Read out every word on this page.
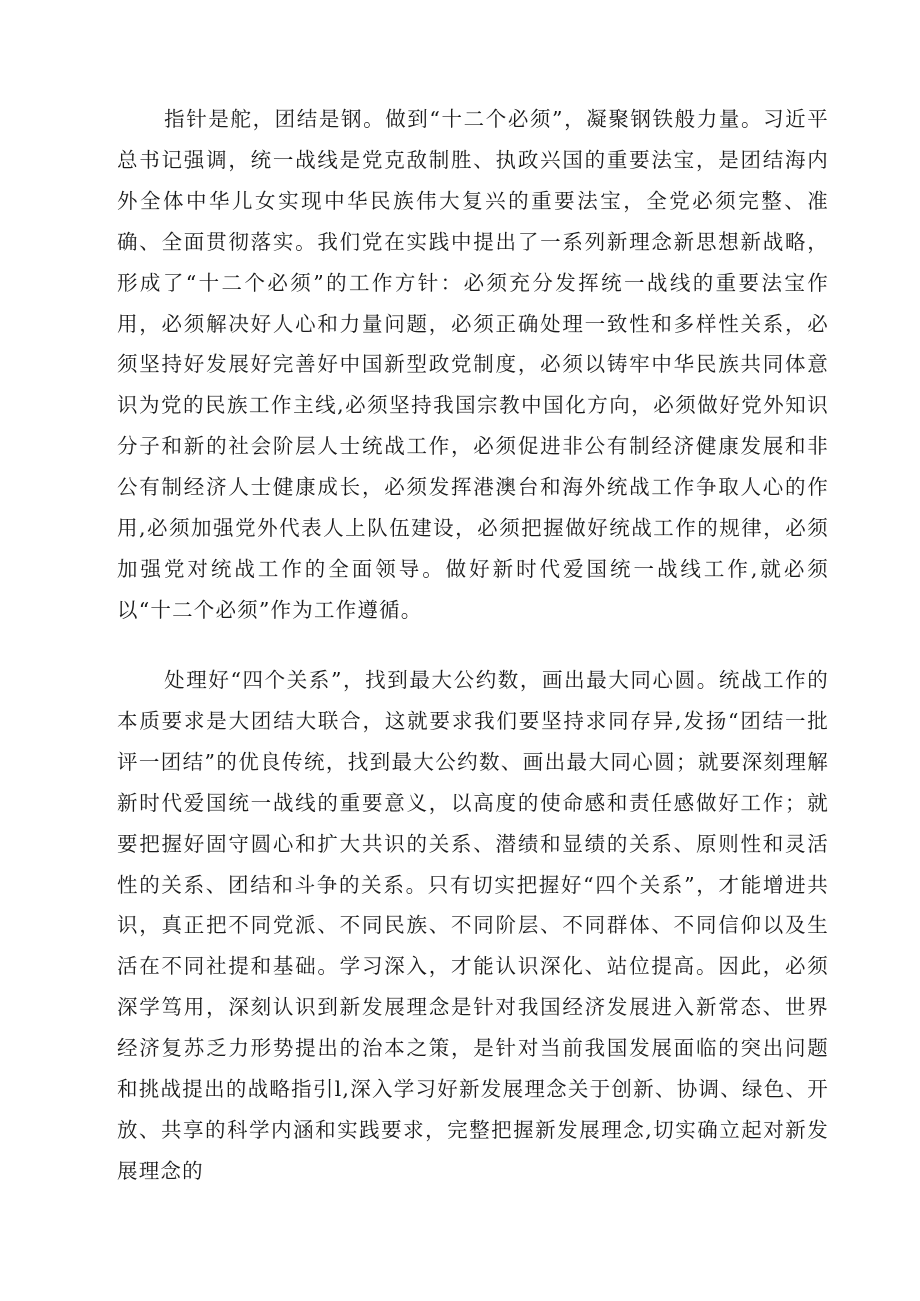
指针是舵，团结是钢。做到“十二个必须”，凝聚钢铁般力量。习近平总书记强调，统一战线是党克敌制胜、执政兴国的重要法宝，是团结海内外全体中华儿女实现中华民族伟大复兴的重要法宝，全党必须完整、准确、全面贯彻落实。我们党在实践中提出了一系列新理念新思想新战略，形成了“十二个必须”的工作方针：必须充分发挥统一战线的重要法宝作用，必须解决好人心和力量问题，必须正确处理一致性和多样性关系，必须坚持好发展好完善好中国新型政党制度，必须以铸牢中华民族共同体意识为党的民族工作主线,必须坚持我国宗教中国化方向，必须做好党外知识分子和新的社会阶层人士统战工作，必须促进非公有制经济健康发展和非公有制经济人士健康成长，必须发挥港澳台和海外统战工作争取人心的作用,必须加强党外代表人上队伍建设，必须把握做好统战工作的规律，必须加强党对统战工作的全面领导。做好新时代爱国统一战线工作,就必须以“十二个必须”作为工作遵循。

处理好“四个关系”，找到最大公约数，画出最大同心圆。统战工作的本质要求是大团结大联合，这就要求我们要坚持求同存异,发扬“团结一批评一团结”的优良传统，找到最大公约数、画出最大同心圆；就要深刻理解新时代爱国统一战线的重要意义，以高度的使命感和责任感做好工作；就要把握好固守圆心和扩大共识的关系、潜绩和显绩的关系、原则性和灵活性的关系、团结和斗争的关系。只有切实把握好“四个关系”，才能增进共识，真正把不同党派、不同民族、不同阶层、不同群体、不同信仰以及生活在不同社提和基础。学习深入，才能认识深化、站位提高。因此，必须深学笃用，深刻认识到新发展理念是针对我国经济发展进入新常态、世界经济复苏乏力形势提出的治本之策，是针对当前我国发展面临的突出问题和挑战提出的战略指引l,深入学习好新发展理念关于创新、协调、绿色、开放、共享的科学内涵和实践要求，完整把握新发展理念,切实确立起对新发展理念的
